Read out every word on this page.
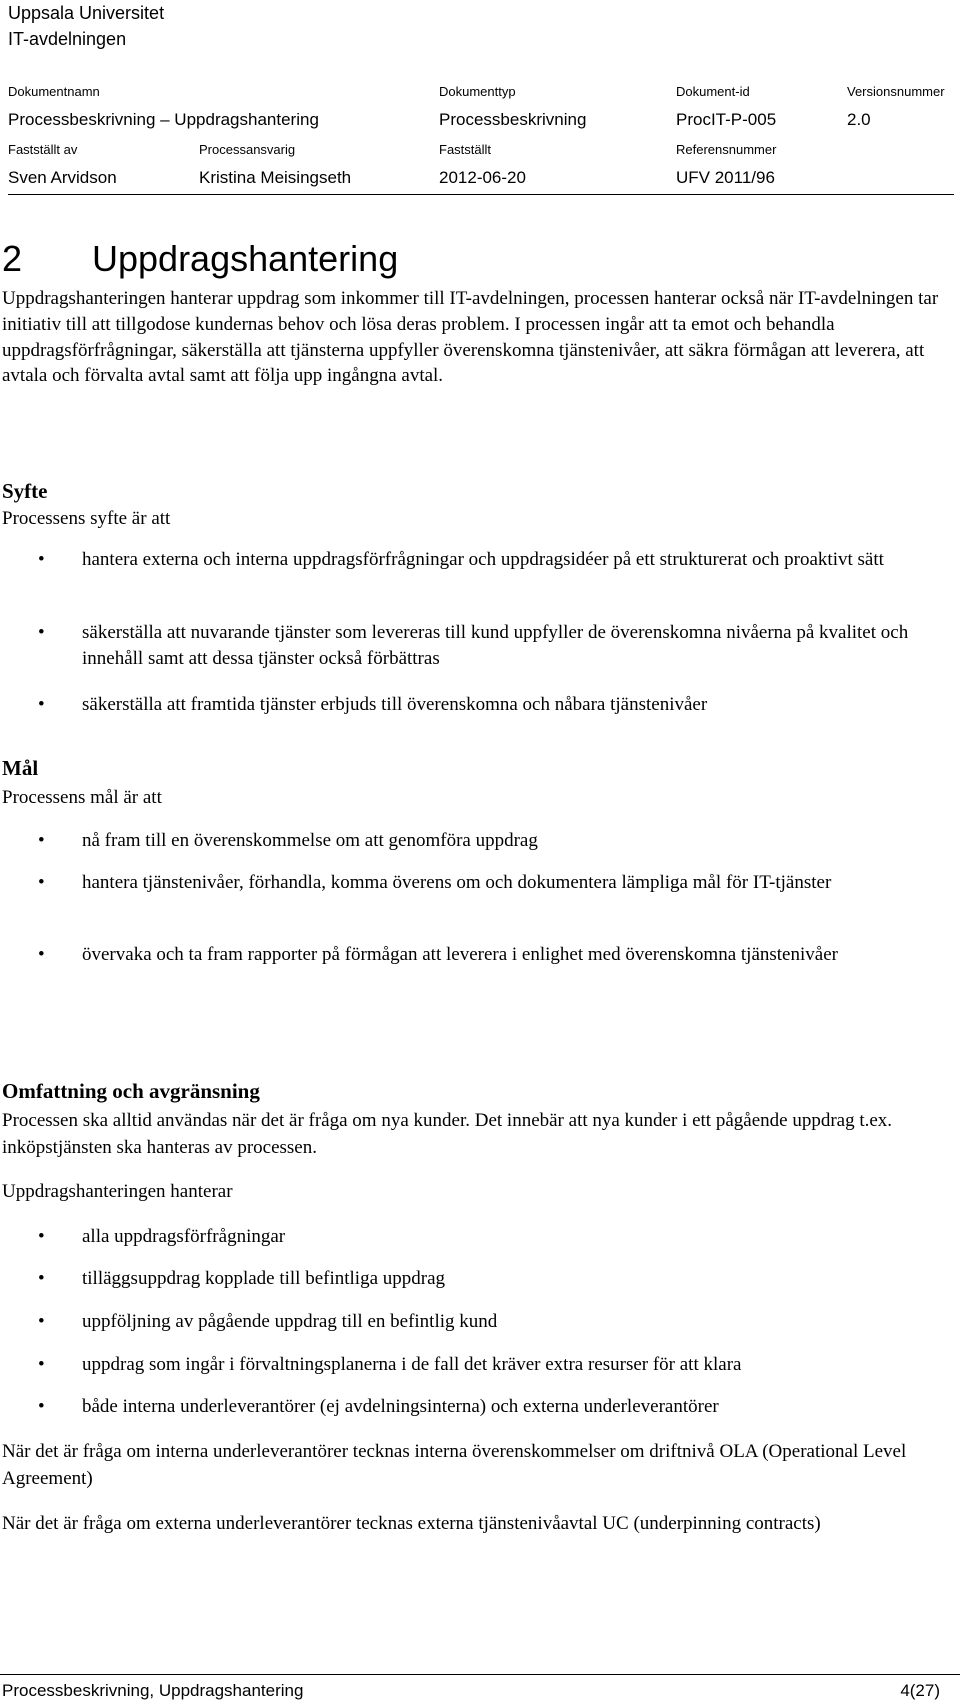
Uppsala Universitet
IT-avdelningen
Dokumentnamn	Dokumenttyp	Dokument-id	Versionsnummer
Processbeskrivning – Uppdragshantering	Processbeskrivning	ProcIT-P-005	2.0
Fastställt av	Processansvarig	Fastställt	Referensnummer
Sven Arvidson	Kristina Meisingseth	2012-06-20	UFV 2011/96
2 Uppdragshantering
Uppdragshanteringen hanterar uppdrag som inkommer till IT-avdelningen, processen hanterar också när IT-avdelningen tar initiativ till att tillgodose kundernas behov och lösa deras problem. I processen ingår att ta emot och behandla uppdragsförfrågningar, säkerställa att tjänsterna uppfyller överenskomna tjänstenivåer, att säkra förmågan att leverera, att avtala och förvalta avtal samt att följa upp ingångna avtal.
Syfte
Processens syfte är att
• hantera externa och interna uppdragsförfrågningar och uppdragsidéer på ett strukturerat och proaktivt sätt
• säkerställa att nuvarande tjänster som levereras till kund uppfyller de överenskomna nivåerna på kvalitet och innehåll samt att dessa tjänster också förbättras
• säkerställa att framtida tjänster erbjuds till överenskomna och nåbara tjänstenivåer
Mål
Processens mål är att
• nå fram till en överenskommelse om att genomföra uppdrag
• hantera tjänstenivåer, förhandla, komma överens om och dokumentera lämpliga mål för IT-tjänster
• övervaka och ta fram rapporter på förmågan att leverera i enlighet med överenskomna tjänstenivåer
Omfattning och avgränsning
Processen ska alltid användas när det är fråga om nya kunder. Det innebär att nya kunder i ett pågående uppdrag t.ex. inköpstjänsten ska hanteras av processen.
Uppdragshanteringen hanterar
• alla uppdragsförfrågningar
• tilläggsuppdrag kopplade till befintliga uppdrag
• uppföljning av pågående uppdrag till en befintlig kund
• uppdrag som ingår i förvaltningsplanerna i de fall det kräver extra resurser för att klara
• både interna underleverantörer (ej avdelningsinterna) och externa underleverantörer
När det är fråga om interna underleverantörer tecknas interna överenskommelser om driftnivå OLA (Operational Level Agreement)
När det är fråga om externa underleverantörer tecknas externa tjänstenivåavtal UC (underpinning contracts)
Processbeskrivning, Uppdragshantering	4(27)
